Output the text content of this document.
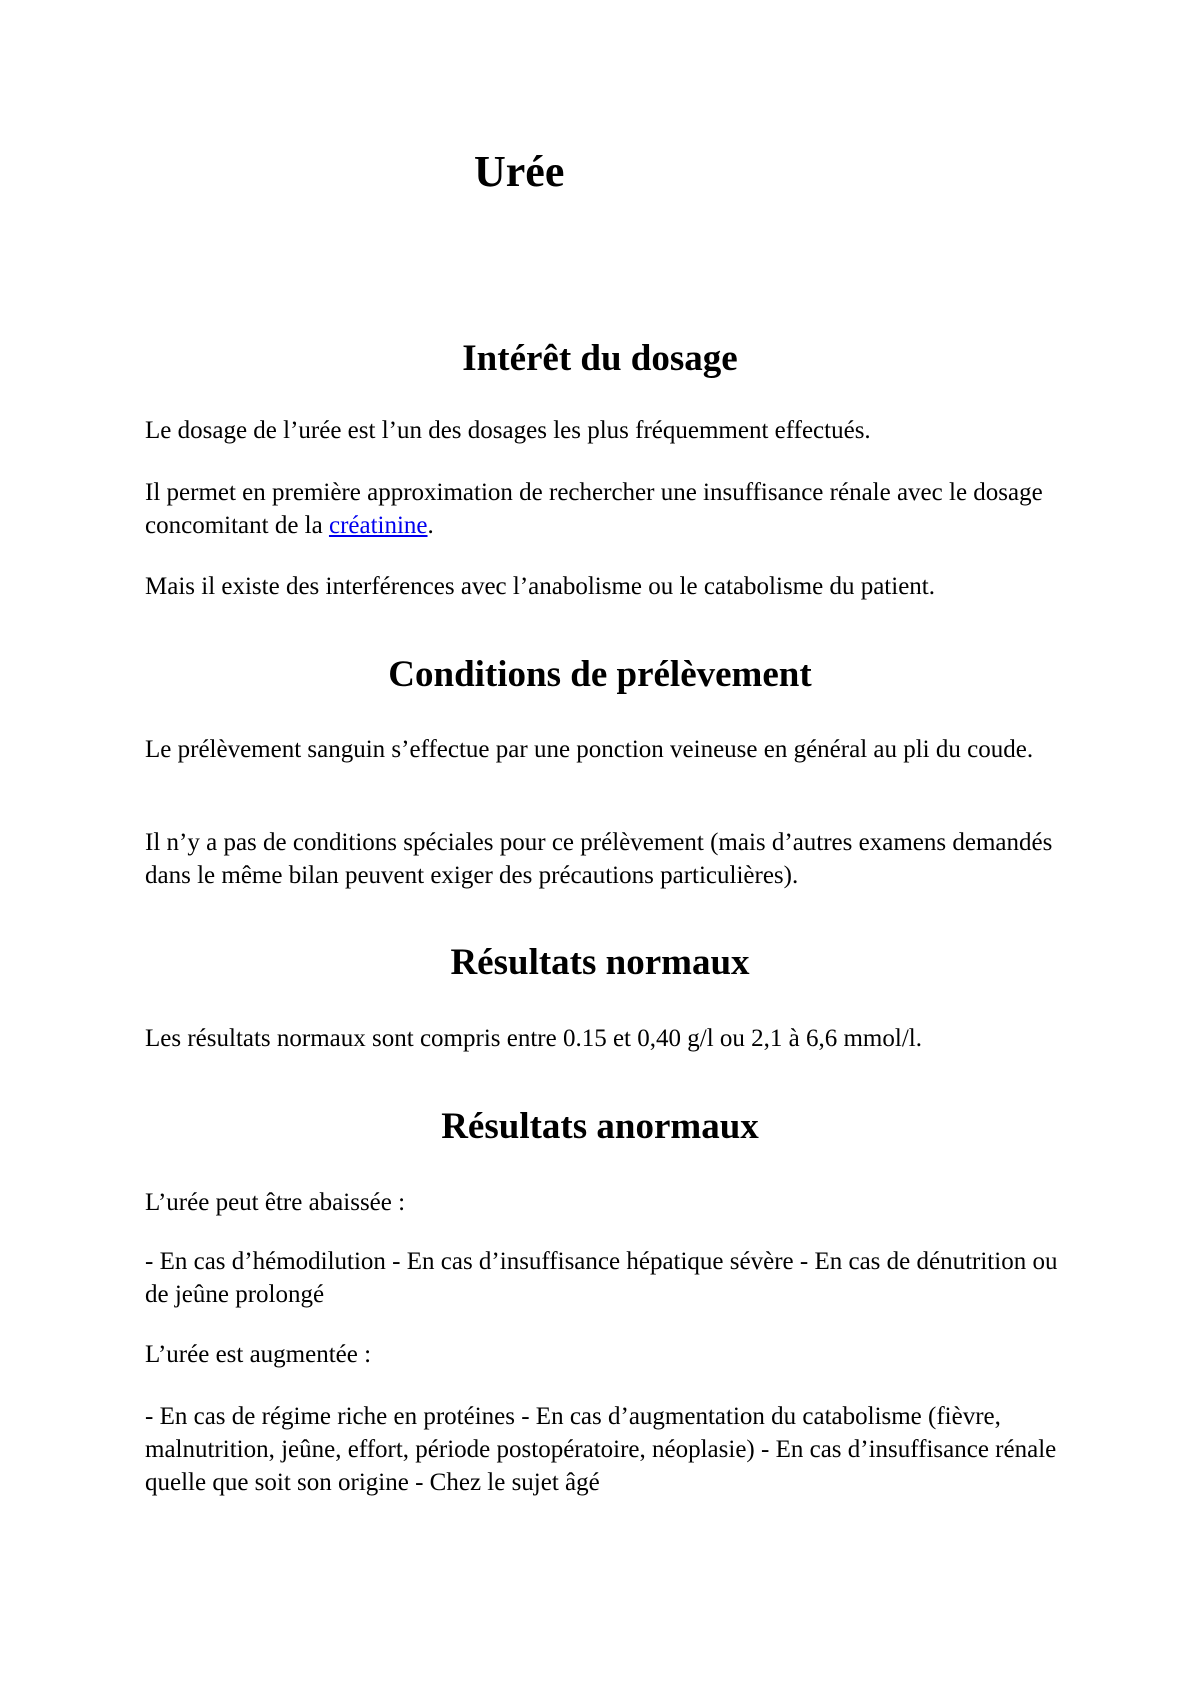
Urée
Intérêt du dosage

Le dosage de l’urée est l’un des dosages les plus fréquemment effectués.

Il permet en première approximation de rechercher une insuffisance rénale avec le dosage concomitant de la créatinine.

Mais il existe des interférences avec l’anabolisme ou le catabolisme du patient.

Conditions de prélèvement

Le prélèvement sanguin s’effectue par une ponction veineuse en général au pli du coude.

Il n’y a pas de conditions spéciales pour ce prélèvement (mais d’autres examens demandés dans le même bilan peuvent exiger des précautions particulières).

Résultats normaux

Les résultats normaux sont compris entre 0.15 et 0,40 g/l ou 2,1 à 6,6 mmol/l.

Résultats anormaux

L’urée peut être abaissée :

- En cas d’hémodilution - En cas d’insuffisance hépatique sévère - En cas de dénutrition ou de jeûne prolongé

L’urée est augmentée :

- En cas de régime riche en protéines - En cas d’augmentation du catabolisme (fièvre, malnutrition, jeûne, effort, période postopératoire, néoplasie) - En cas d’insuffisance rénale quelle que soit son origine - Chez le sujet âgé
